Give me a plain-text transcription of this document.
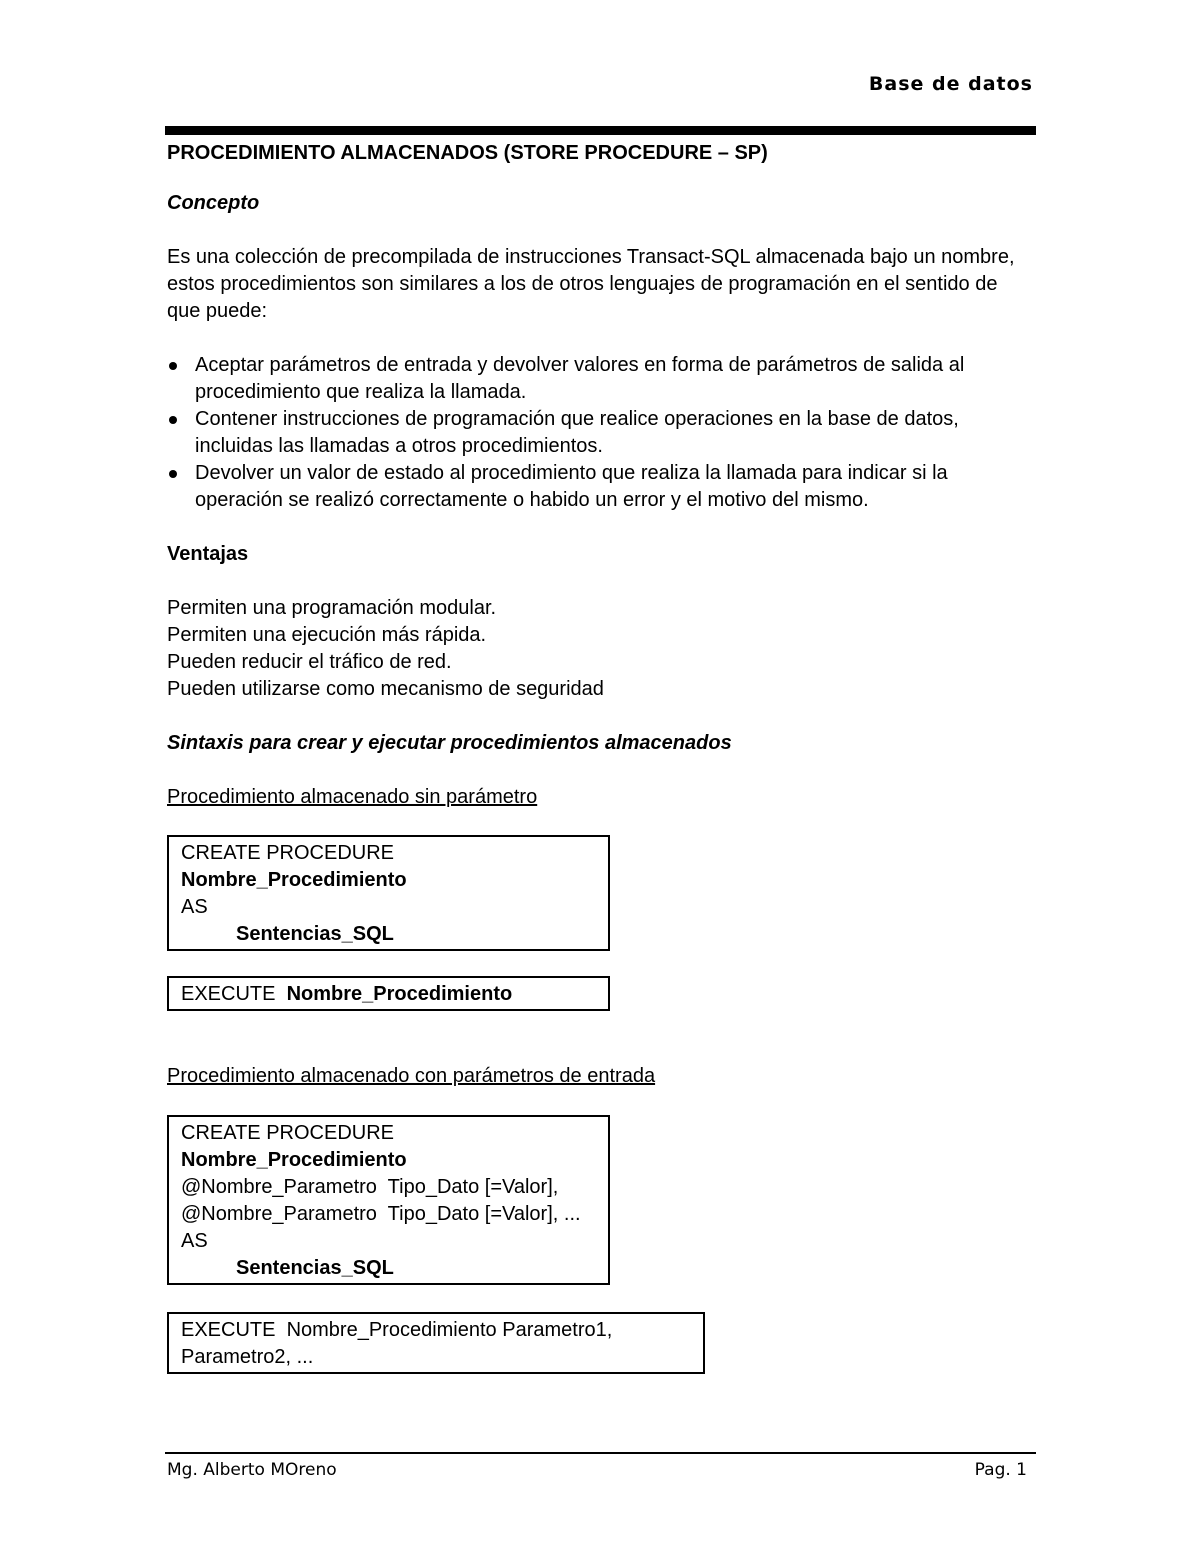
Base de datos
PROCEDIMIENTO ALMACENADOS (STORE PROCEDURE – SP)
Concepto

Es una colección de precompilada de instrucciones Transact-SQL almacenada bajo un nombre, estos procedimientos son similares a los de otros lenguajes de programación en el sentido de que puede:

Aceptar parámetros de entrada y devolver valores en forma de parámetros de salida al procedimiento que realiza la llamada.
Contener instrucciones de programación que realice operaciones en la base de datos, incluidas las llamadas a otros procedimientos.
Devolver un valor de estado al procedimiento que realiza la llamada para indicar si la operación se realizó correctamente o habido un error y el motivo del mismo.
Ventajas
Permiten una programación modular.
Permiten una ejecución más rápida.
Pueden reducir el tráfico de red.
Pueden utilizarse como mecanismo de seguridad
Sintaxis para crear y ejecutar procedimientos almacenados
Procedimiento almacenado sin parámetro
CREATE PROCEDURE
Nombre_Procedimiento
AS
Sentencias_SQL
EXECUTE Nombre_Procedimiento
Procedimiento almacenado con parámetros de entrada
CREATE PROCEDURE
Nombre_Procedimiento
@Nombre_Parametro  Tipo_Dato [=Valor],
@Nombre_Parametro  Tipo_Dato [=Valor], ...
AS
Sentencias_SQL
EXECUTE  Nombre_Procedimiento Parametro1,
Parametro2, ...
Mg. Alberto MOreno	Pag. 1
